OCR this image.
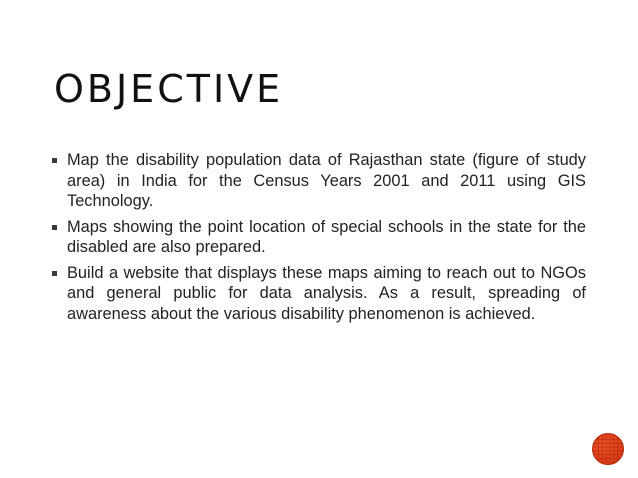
OBJECTIVE
Map the disability population data of Rajasthan state (figure of study area) in India for the Census Years 2001 and 2011 using GIS Technology.
Maps showing the point location of special schools in the state for the disabled are also prepared.
Build a website that displays these maps aiming to reach out to NGOs and general public for data analysis. As a result, spreading of awareness about the various disability phenomenon is achieved.
